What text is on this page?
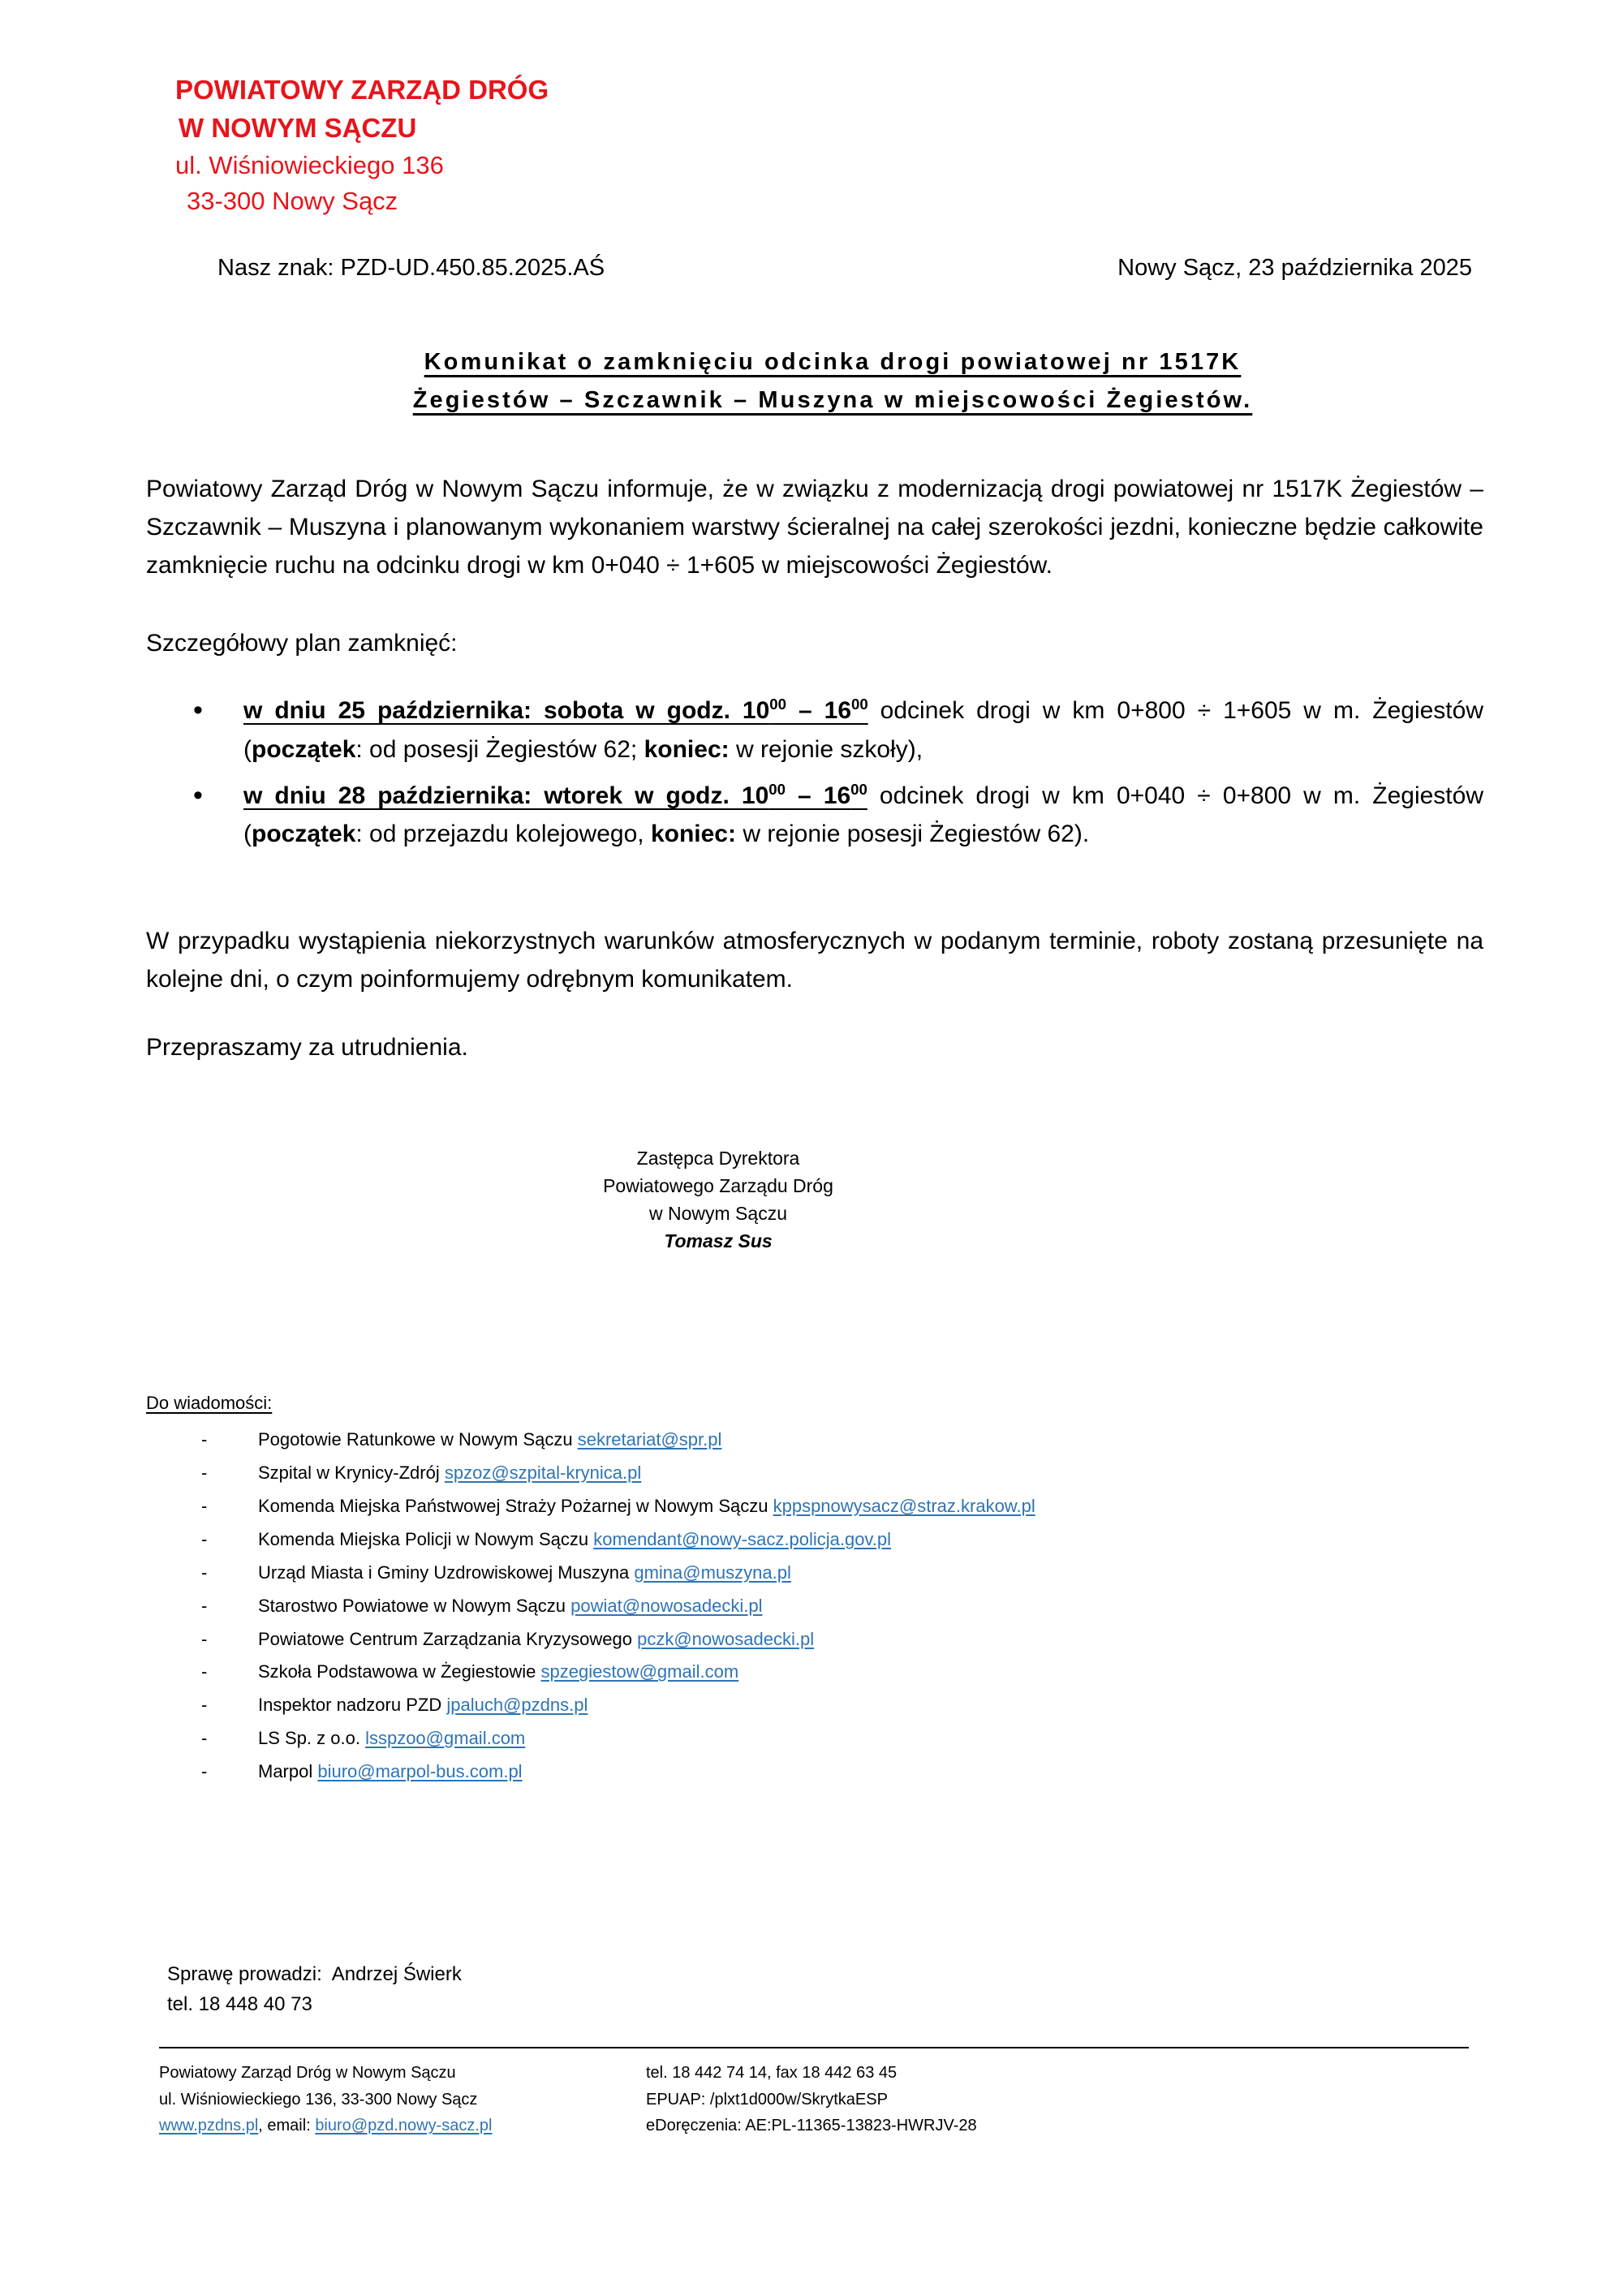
POWIATOWY ZARZĄD DRÓG
W NOWYM SĄCZU
ul. Wiśniowieckiego 136
33-300 Nowy Sącz
Nasz znak: PZD-UD.450.85.2025.AŚ	Nowy Sącz, 23 października 2025
Komunikat o zamknięciu odcinka drogi powiatowej nr 1517K
Żegiestów – Szczawnik – Muszyna w miejscowości Żegiestów.

Powiatowy Zarząd Dróg w Nowym Sączu informuje, że w związku z modernizacją drogi powiatowej nr 1517K Żegiestów – Szczawnik – Muszyna i planowanym wykonaniem warstwy ścieralnej na całej szerokości jezdni, konieczne będzie całkowite zamknięcie ruchu na odcinku drogi w km 0+040 ÷ 1+605 w miejscowości Żegiestów.

Szczegółowy plan zamknięć:

• w dniu 25 października: sobota w godz. $10^{00} - 16^{00}$ odcinek drogi w km 0+800 ÷ 1+605 w m. Żegiestów (początek: od posesji Żegiestów 62; koniec: w rejonie szkoły),
• w dniu 28 października: wtorek w godz. $10^{00} - 16^{00}$ odcinek drogi w km 0+040 ÷ 0+800 w m. Żegiestów (początek: od przejazdu kolejowego, koniec: w rejonie posesji Żegiestów 62).

W przypadku wystąpienia niekorzystnych warunków atmosferycznych w podanym terminie, roboty zostaną przesunięte na kolejne dni, o czym poinformujemy odrębnym komunikatem.

Przepraszamy za utrudnienia.

Zastępca Dyrektora
Powiatowego Zarządu Dróg
w Nowym Sączu
Tomasz Sus
Do wiadomości:
- Pogotowie Ratunkowe w Nowym Sączu sekretariat@spr.pl
- Szpital w Krynicy-Zdrój spzoz@szpital-krynica.pl
- Komenda Miejska Państwowej Straży Pożarnej w Nowym Sączu kppspnowysacz@straz.krakow.pl
- Komenda Miejska Policji w Nowym Sączu komendant@nowy-sacz.policja.gov.pl
- Urząd Miasta i Gminy Uzdrowiskowej Muszyna gmina@muszyna.pl
- Starostwo Powiatowe w Nowym Sączu powiat@nowosadecki.pl
- Powiatowe Centrum Zarządzania Kryzysowego pczk@nowosadecki.pl
- Szkoła Podstawowa w Żegiestowie spzegiestow@gmail.com
- Inspektor nadzoru PZD jpaluch@pzdns.pl
- LS Sp. z o.o. lsspzoo@gmail.com
- Marpol biuro@marpol-bus.com.pl
Sprawę prowadzi:  Andrzej Świerk
tel. 18 448 40 73
Powiatowy Zarząd Dróg w Nowym Sączu
ul. Wiśniowieckiego 136, 33-300 Nowy Sącz
www.pzdns.pl, email: biuro@pzd.nowy-sacz.pl
tel. 18 442 74 14, fax 18 442 63 45
EPUAP: /plxt1d000w/SkrytkaESP
eDoręczenia: AE:PL-11365-13823-HWRJV-28
